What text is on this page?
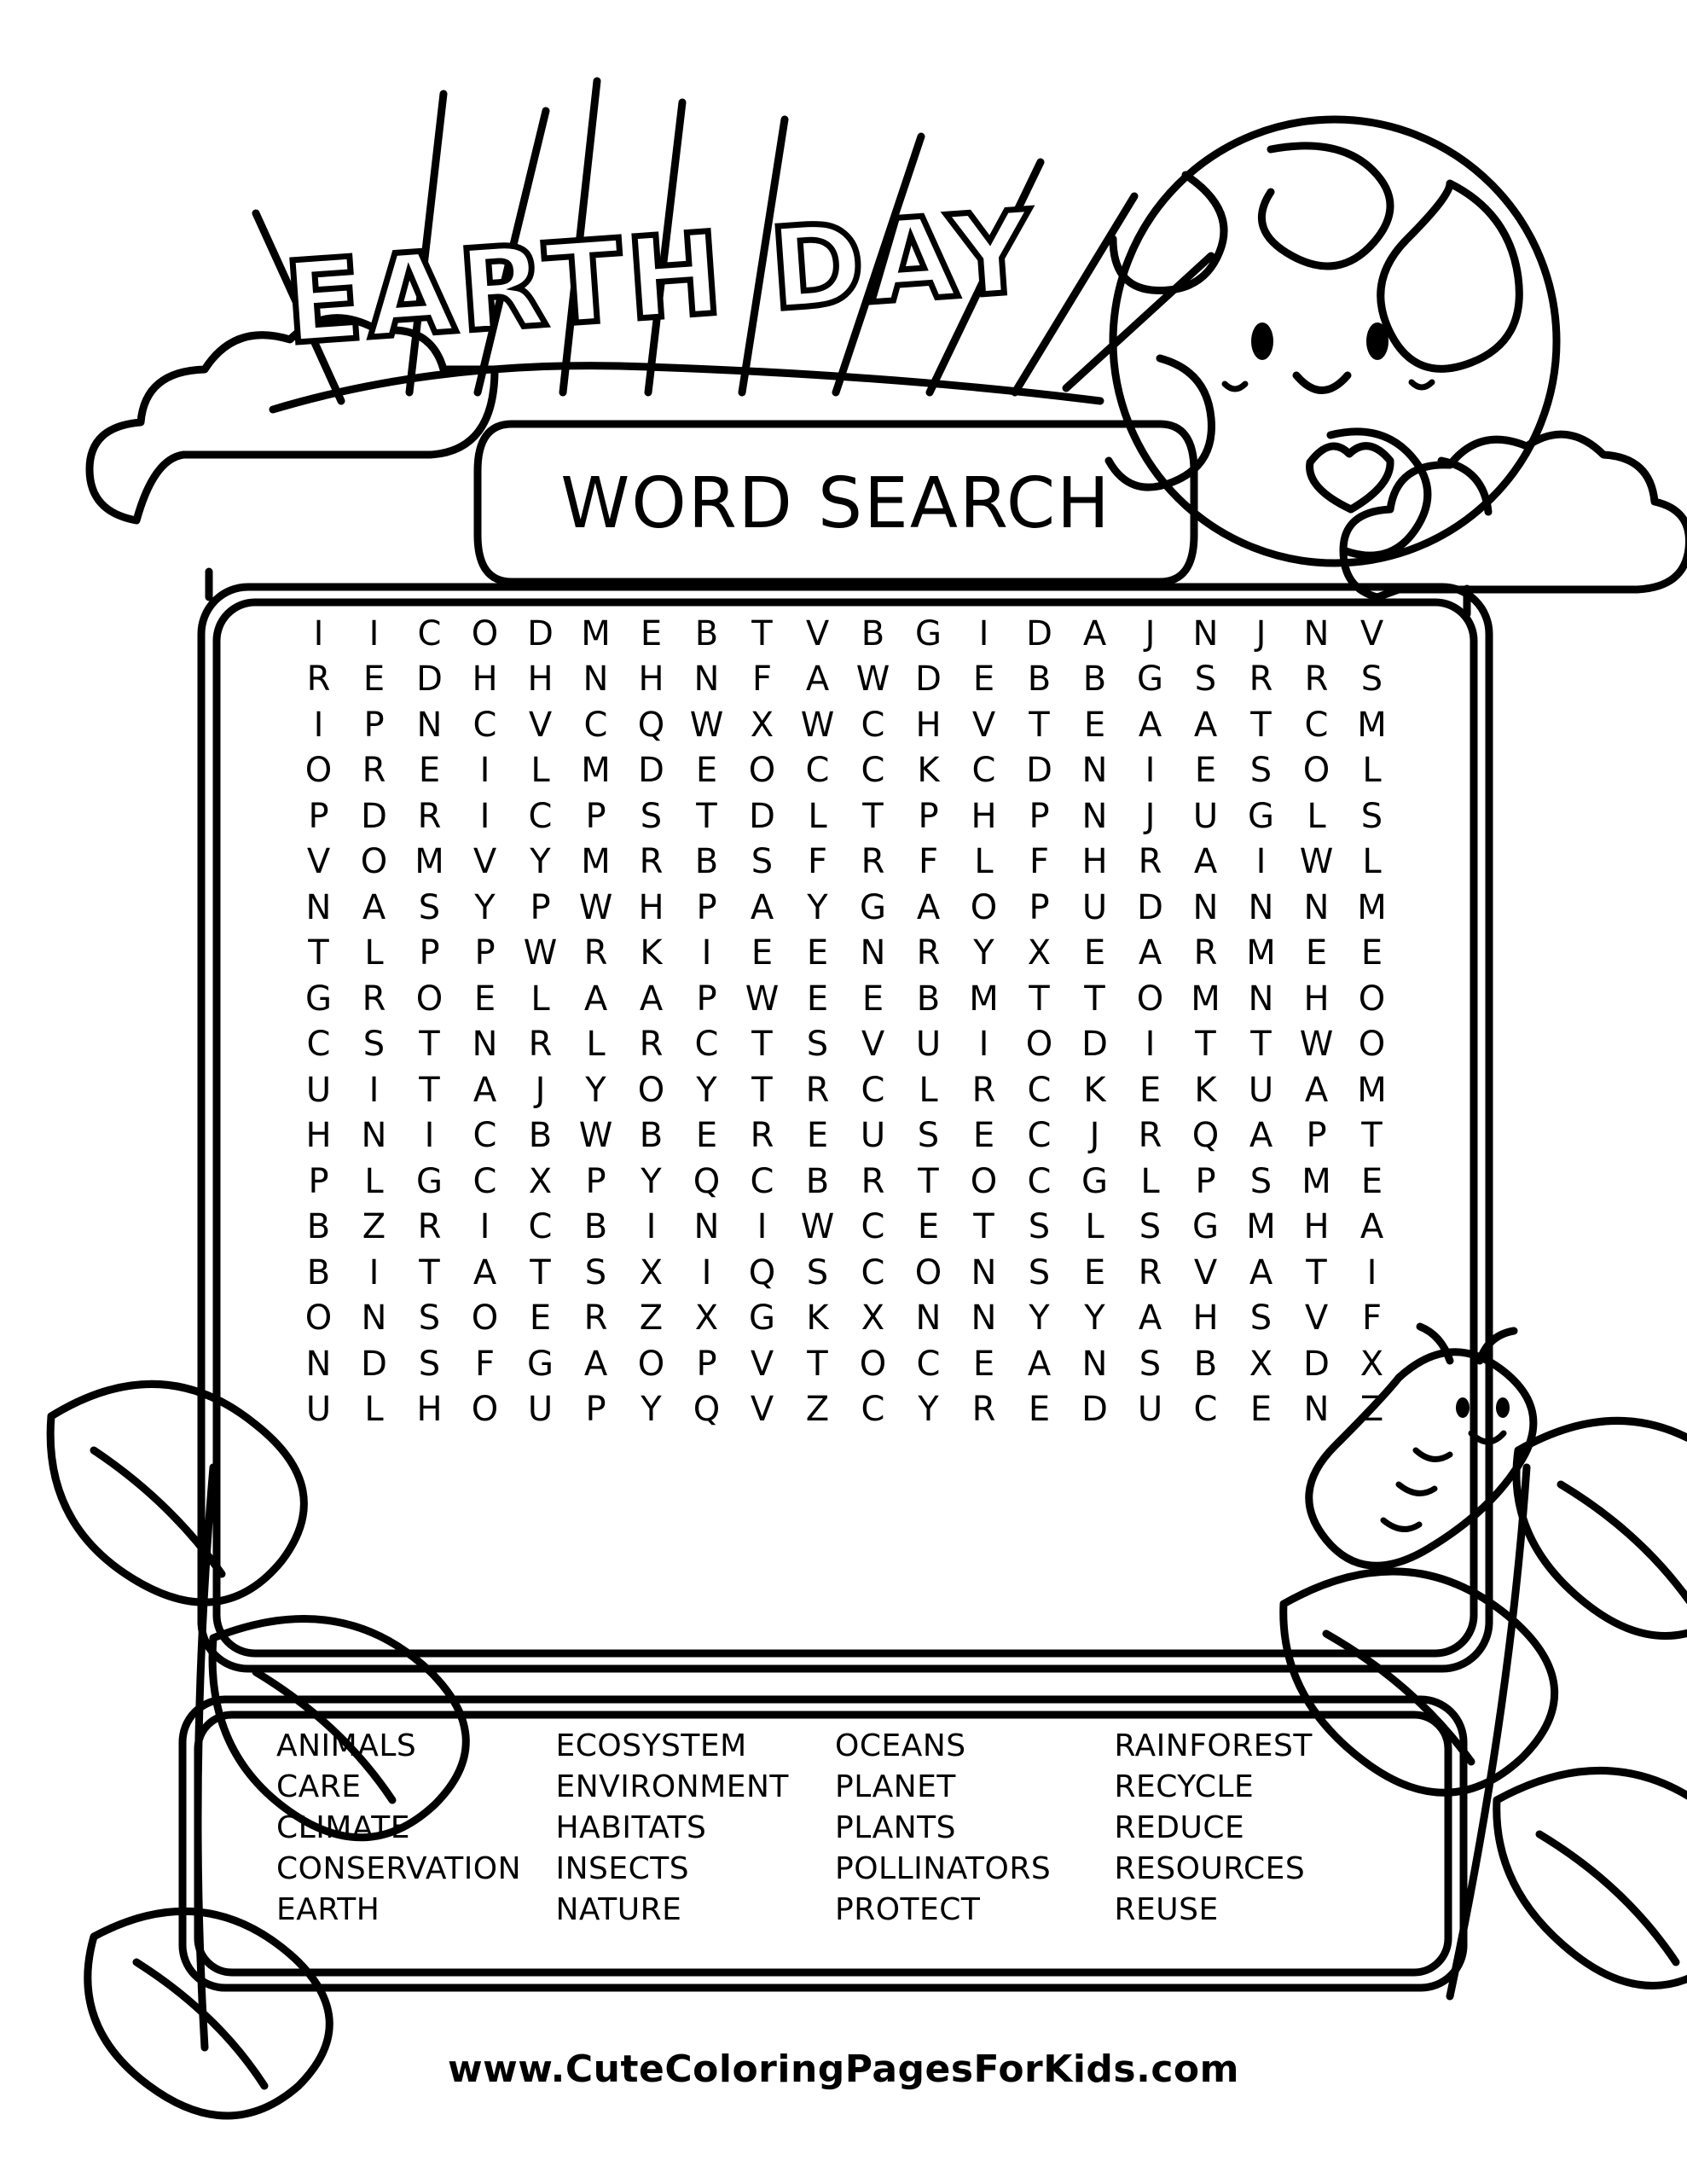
EARTH DAY
WORD SEARCH
I	I	C O D M E B T V B G	I	D A	J	N	J	N V
R E D H H N H N F A W D E B B G S R R S
I	P N C V C Q W X W C H V T	E A A T C M
O R E	I	L M D E O C C K C D N	I	E S O L
P D R	I	C P	S	T D L	T	P H P N	J	U G L	S
V O M V Y M R B S	F R F	L	F H R A	I W L
N A S	Y	P W H P A Y G A O P U D N N N M
T	L	P	P W R K	I	E E N R Y X E A R M E E
G R O E	L	A A P W E E B M T	T O M N H O
C S	T N R L R C T	S V U	I	O D	I	T	T W O
U	I	T A	J	Y O Y	T R C L R C K E K U A M
H N	I	C B W B E R E U S E C	J	R Q A P	T
P	L G C X P	Y Q C B R T O C G L	P	S M E
B Z R	I	C B	I	N	I W C E	T	S	L	S G M H A
B	I	T A T	S X	I	Q S C O N S E R V A T	I
O N S O E R Z X G K X N N Y	Y A H S V F
N D S	F G A O P V T O C E A N S B X D X
U L H O U P	Y Q V Z C Y R E D U C E N Z
ANIMALS	ECOSYSTEM	OCEANS	RAINFOREST
CARE	ENVIRONMENT	PLANET	RECYCLE
CLIMATE	HABITATS	PLANTS	REDUCE
CONSERVATION	INSECTS	POLLINATORS	RESOURCES
EARTH	NATURE	PROTECT	REUSE
www.CuteColoringPagesForKids.com
